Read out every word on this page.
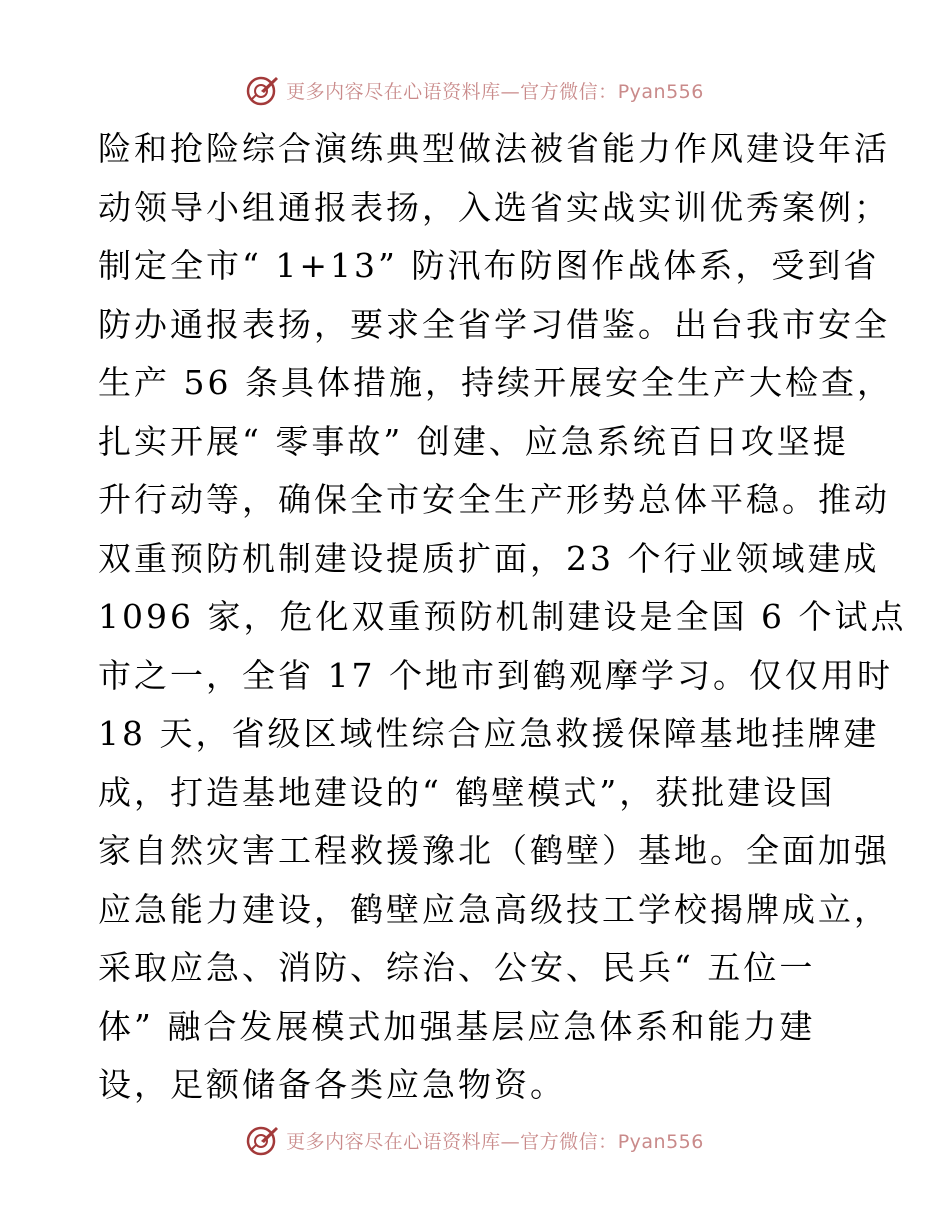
更多内容尽在心语资料库—官方微信：Pyan556
险和抢险综合演练典型做法被省能力作风建设年活
动领导小组通报表扬，入选省实战实训优秀案例；
制定全市“ 1+13” 防汛布防图作战体系，受到省
防办通报表扬，要求全省学习借鉴。出台我市安全
生产 56 条具体措施，持续开展安全生产大检查，
扎实开展“ 零事故” 创建、应急系统百日攻坚提
升行动等，确保全市安全生产形势总体平稳。推动
双重预防机制建设提质扩面，23 个行业领域建成
1096 家，危化双重预防机制建设是全国 6 个试点
市之一，全省 17 个地市到鹤观摩学习。仅仅用时
18 天，省级区域性综合应急救援保障基地挂牌建
成，打造基地建设的“ 鹤壁模式”，获批建设国
家自然灾害工程救援豫北（鹤壁）基地。全面加强
应急能力建设，鹤壁应急高级技工学校揭牌成立，
采取应急、消防、综治、公安、民兵“ 五位一
体” 融合发展模式加强基层应急体系和能力建
设，足额储备各类应急物资。
更多内容尽在心语资料库—官方微信：Pyan556
